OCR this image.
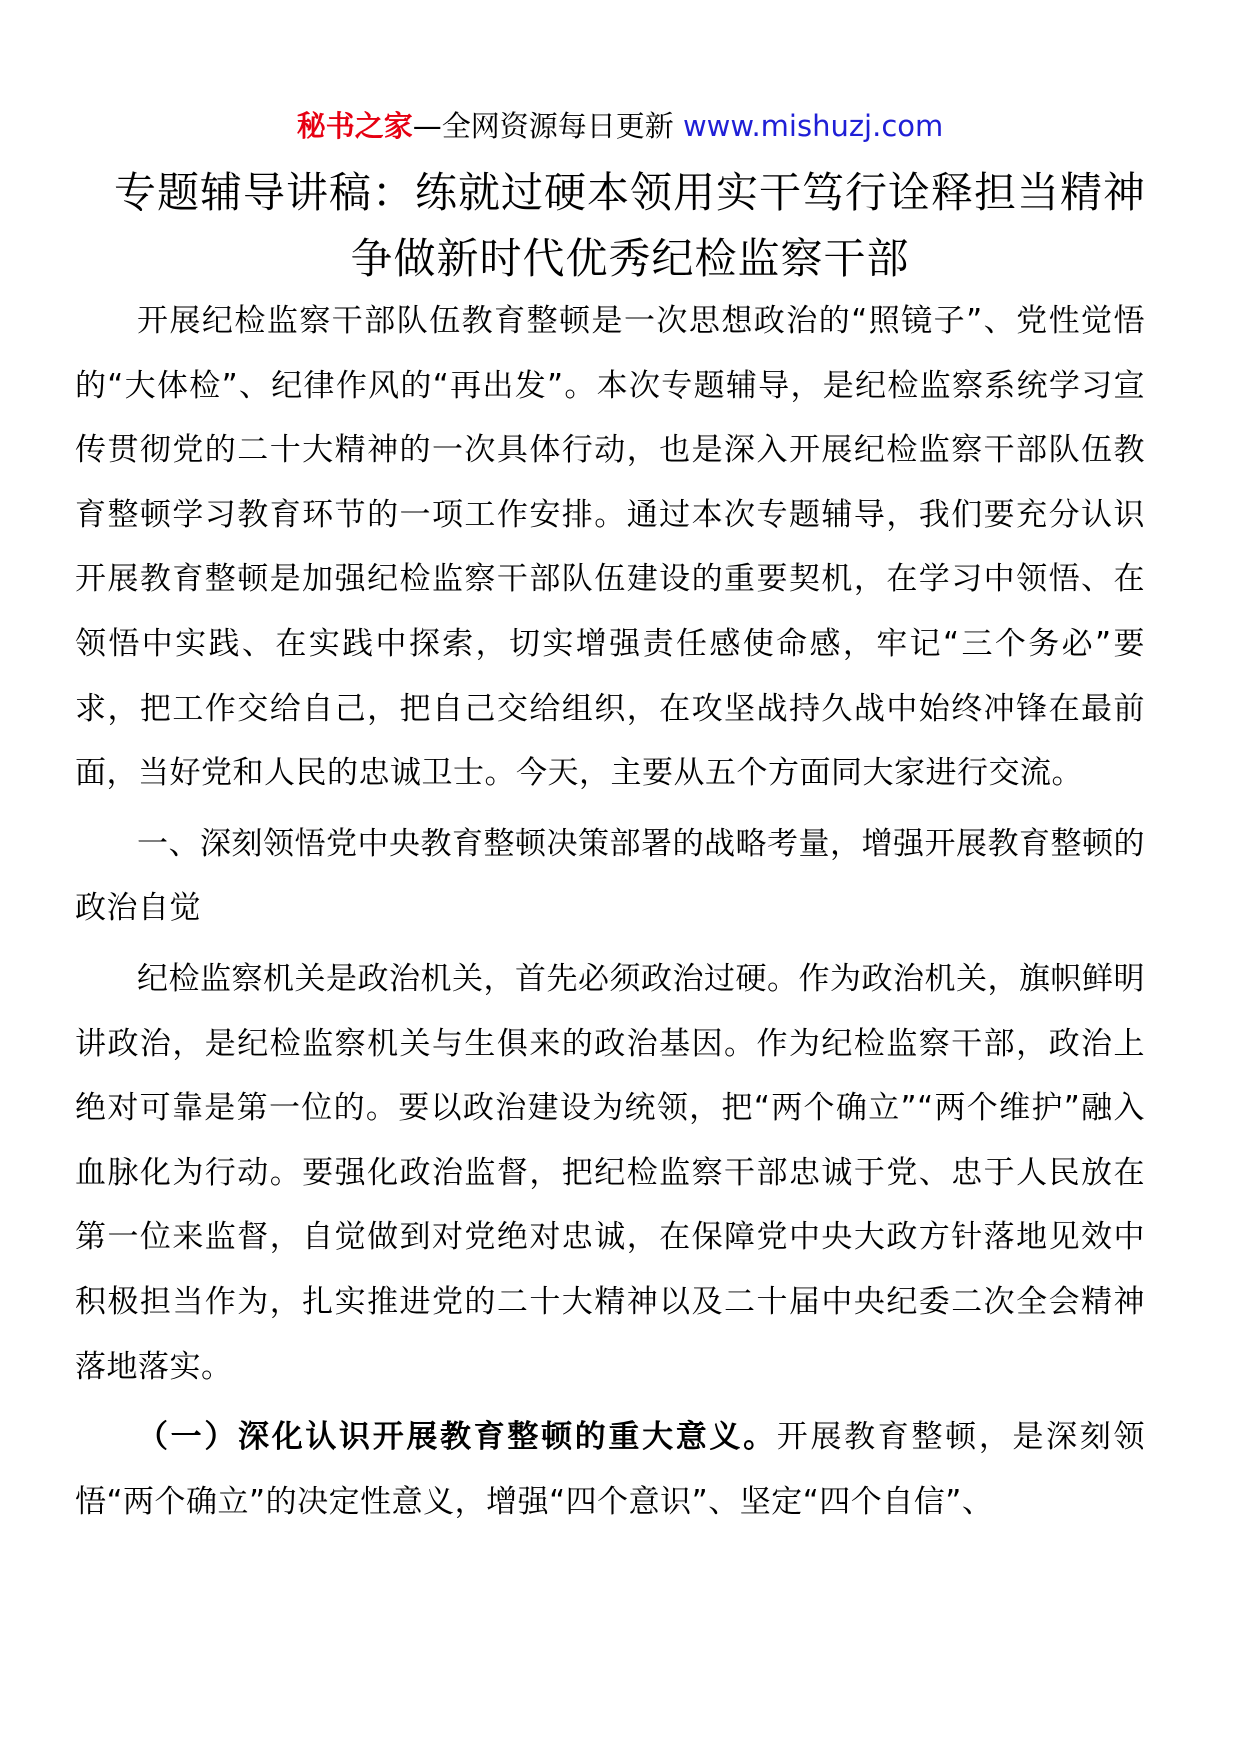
秘书之家—全网资源每日更新 www.mishuzj.com
专题辅导讲稿：练就过硬本领用实干笃行诠释担当精神 争做新时代优秀纪检监察干部

开展纪检监察干部队伍教育整顿是一次思想政治的“照镜子”、党性觉悟的“大体检”、纪律作风的“再出发”。本次专题辅导，是纪检监察系统学习宣传贯彻党的二十大精神的一次具体行动，也是深入开展纪检监察干部队伍教育整顿学习教育环节的一项工作安排。通过本次专题辅导，我们要充分认识开展教育整顿是加强纪检监察干部队伍建设的重要契机，在学习中领悟、在领悟中实践、在实践中探索，切实增强责任感使命感，牢记“三个务必”要求，把工作交给自己，把自己交给组织，在攻坚战持久战中始终冲锋在最前面，当好党和人民的忠诚卫士。今天，主要从五个方面同大家进行交流。

一、深刻领悟党中央教育整顿决策部署的战略考量，增强开展教育整顿的政治自觉

纪检监察机关是政治机关，首先必须政治过硬。作为政治机关，旗帜鲜明讲政治，是纪检监察机关与生俱来的政治基因。作为纪检监察干部，政治上绝对可靠是第一位的。要以政治建设为统领，把“两个确立”“两个维护”融入血脉化为行动。要强化政治监督，把纪检监察干部忠诚于党、忠于人民放在第一位来监督，自觉做到对党绝对忠诚，在保障党中央大政方针落地见效中积极担当作为，扎实推进党的二十大精神以及二十届中央纪委二次全会精神落地落实。

（一）深化认识开展教育整顿的重大意义。开展教育整顿，是深刻领悟“两个确立”的决定性意义，增强“四个意识”、坚定“四个自信”、
